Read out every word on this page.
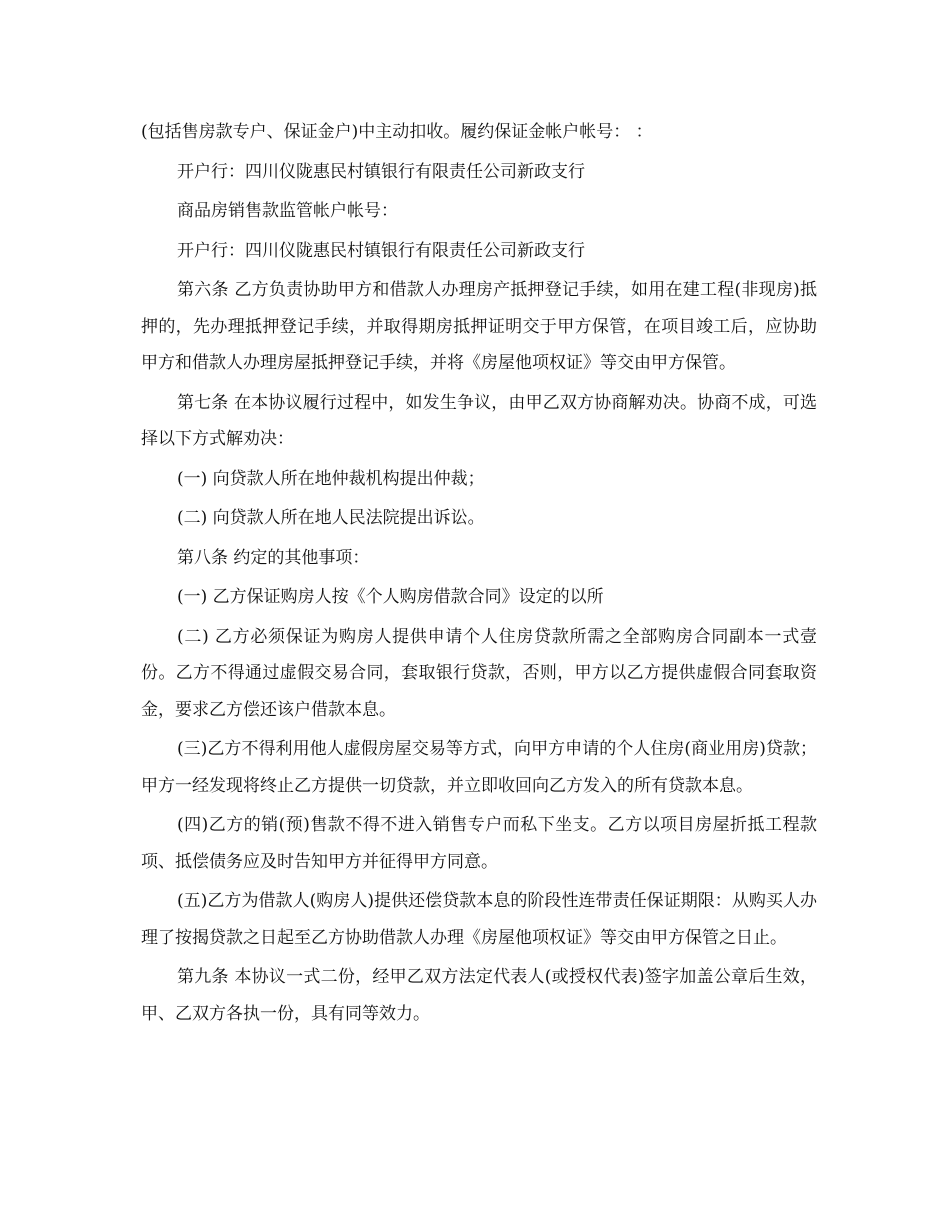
(包括售房款专户、保证金户)中主动扣收。履约保证金帐户帐号： ：

开户行：四川仪陇惠民村镇银行有限责任公司新政支行

商品房销售款监管帐户帐号：

开户行：四川仪陇惠民村镇银行有限责任公司新政支行

第六条 乙方负责协助甲方和借款人办理房产抵押登记手续，如用在建工程(非现房)抵押的，先办理抵押登记手续，并取得期房抵押证明交于甲方保管，在项目竣工后，应协助甲方和借款人办理房屋抵押登记手续，并将《房屋他项权证》等交由甲方保管。

第七条 在本协议履行过程中，如发生争议，由甲乙双方协商解劝决。协商不成，可选择以下方式解劝决：

(一) 向贷款人所在地仲裁机构提出仲裁；

(二) 向贷款人所在地人民法院提出诉讼。

第八条 约定的其他事项：

(一) 乙方保证购房人按《个人购房借款合同》设定的以所

(二) 乙方必须保证为购房人提供申请个人住房贷款所需之全部购房合同副本一式壹份。乙方不得通过虚假交易合同，套取银行贷款，否则，甲方以乙方提供虚假合同套取资金，要求乙方偿还该户借款本息。

(三)乙方不得利用他人虚假房屋交易等方式，向甲方申请的个人住房(商业用房)贷款；甲方一经发现将终止乙方提供一切贷款，并立即收回向乙方发入的所有贷款本息。

(四)乙方的销(预)售款不得不进入销售专户而私下坐支。乙方以项目房屋折抵工程款项、抵偿债务应及时告知甲方并征得甲方同意。

(五)乙方为借款人(购房人)提供还偿贷款本息的阶段性连带责任保证期限：从购买人办理了按揭贷款之日起至乙方协助借款人办理《房屋他项权证》等交由甲方保管之日止。

第九条 本协议一式二份，经甲乙双方法定代表人(或授权代表)签字加盖公章后生效，甲、乙双方各执一份，具有同等效力。
